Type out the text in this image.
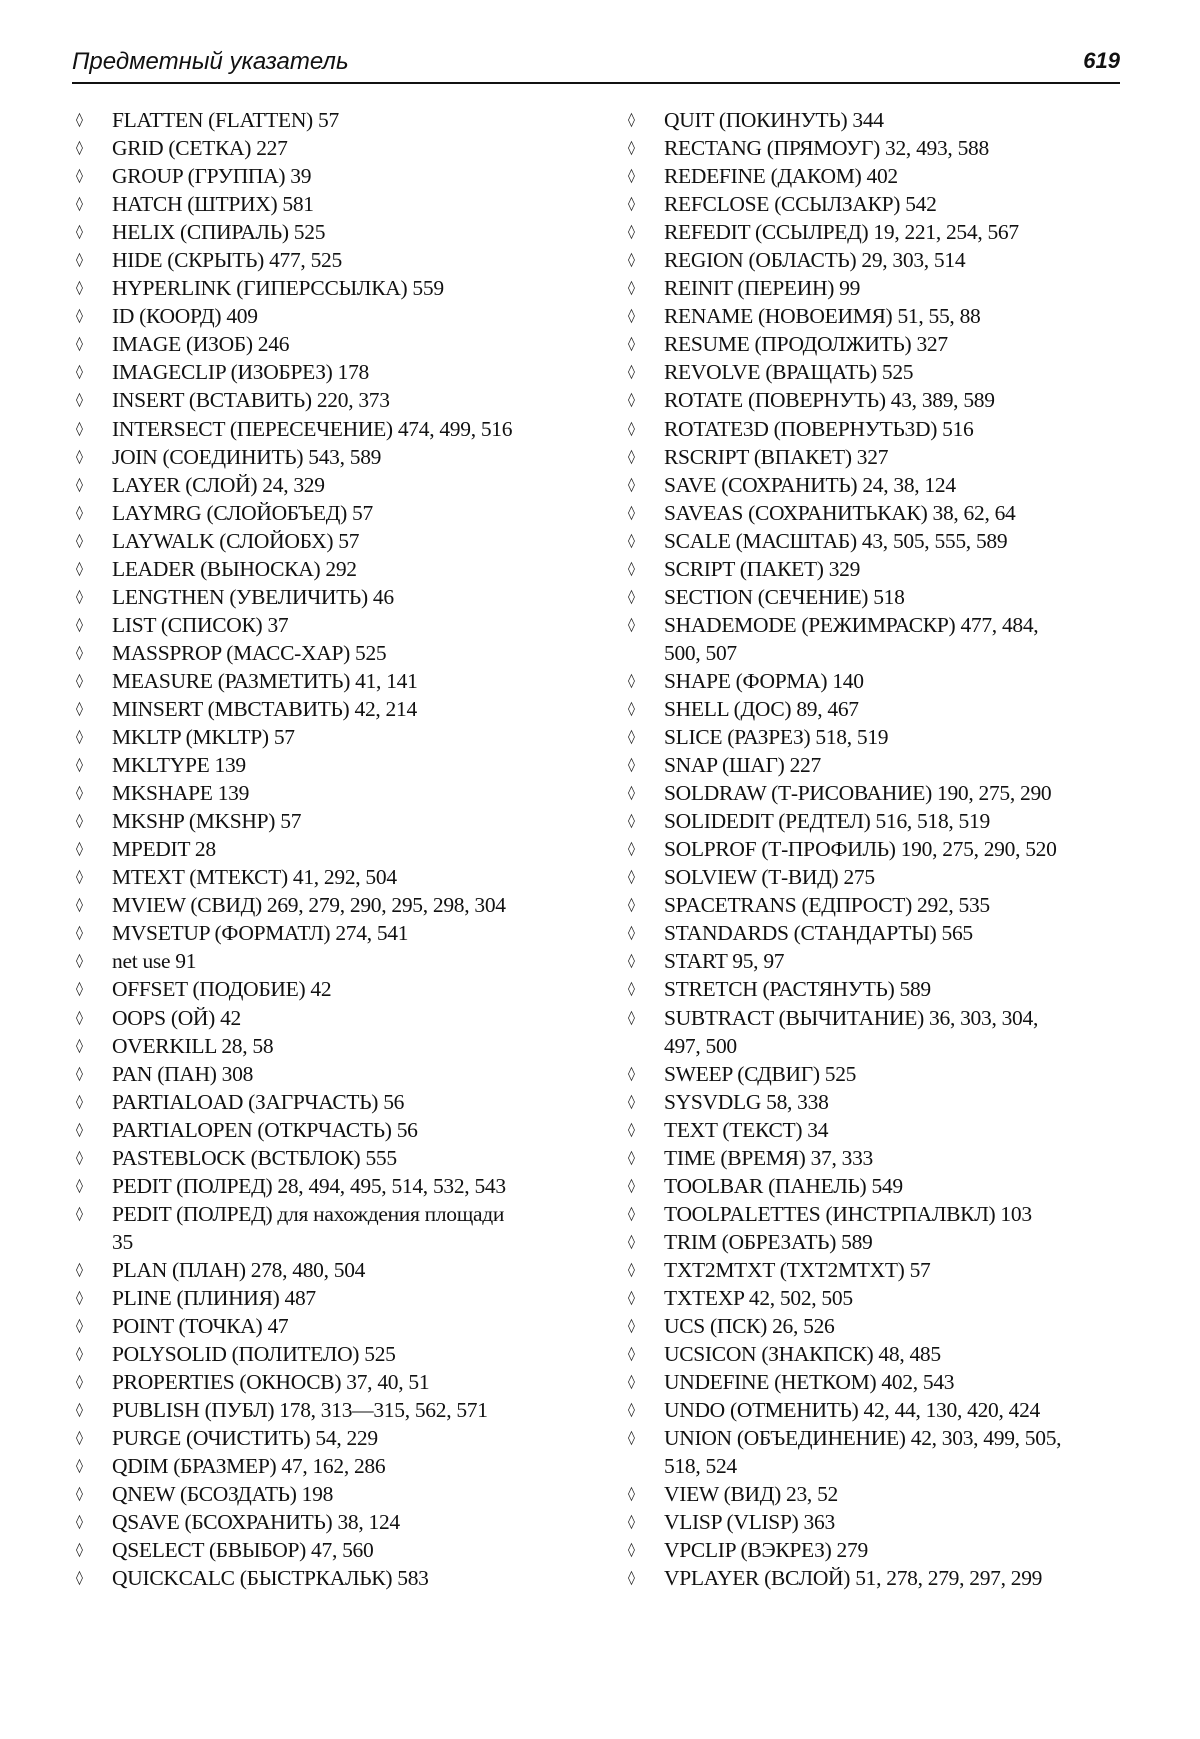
Предметный указатель	619
◊	FLATTEN (FLATTEN) 57
◊	GRID (СЕТКА) 227
◊	GROUP (ГРУППА) 39
◊	HATCH (ШТРИХ) 581
◊	HELIX (СПИРАЛЬ) 525
◊	HIDE (СКРЫТЬ) 477, 525
◊	HYPERLINK (ГИПЕРССЫЛКА) 559
◊	ID (КООРД) 409
◊	IMAGE (ИЗОБ) 246
◊	IMAGECLIP (ИЗОБРЕЗ) 178
◊	INSERT (ВСТАВИТЬ) 220, 373
◊	INTERSECT (ПЕРЕСЕЧЕНИЕ) 474, 499, 516
◊	JOIN (СОЕДИНИТЬ) 543, 589
◊	LAYER (СЛОЙ) 24, 329
◊	LAYMRG (СЛОЙОБЪЕД) 57
◊	LAYWALK (СЛОЙОБХ) 57
◊	LEADER (ВЫНОСКА) 292
◊	LENGTHEN (УВЕЛИЧИТЬ) 46
◊	LIST (СПИСОК) 37
◊	MASSPROP (МАСС-ХАР) 525
◊	MEASURE (РАЗМЕТИТЬ) 41, 141
◊	MINSERT (МВСТАВИТЬ) 42, 214
◊	MKLTP (MKLTP) 57
◊	MKLTYPE 139
◊	MKSHAPE 139
◊	MKSHP (MKSHP) 57
◊	MPEDIT 28
◊	MTEXT (МТЕКСТ) 41, 292, 504
◊	MVIEW (СВИД) 269, 279, 290, 295, 298, 304
◊	MVSETUP (ФОРМАТЛ) 274, 541
◊	net use 91
◊	OFFSET (ПОДОБИЕ) 42
◊	OOPS (ОЙ) 42
◊	OVERKILL 28, 58
◊	PAN (ПАН) 308
◊	PARTIALOAD (ЗАГРЧАСТЬ) 56
◊	PARTIALOPEN (ОТКРЧАСТЬ) 56
◊	PASTEBLOCK (ВСТБЛОК) 555
◊	PEDIT (ПОЛРЕД) 28, 494, 495, 514, 532, 543
◊	PEDIT (ПОЛРЕД) для нахождения площади
35
◊	PLAN (ПЛАН) 278, 480, 504
◊	PLINE (ПЛИНИЯ) 487
◊	POINT (ТОЧКА) 47
◊	POLYSOLID (ПОЛИТЕЛО) 525
◊	PROPERTIES (ОКНОСВ) 37, 40, 51
◊	PUBLISH (ПУБЛ) 178, 313—315, 562, 571
◊	PURGE (ОЧИСТИТЬ) 54, 229
◊	QDIM (БРАЗМЕР) 47, 162, 286
◊	QNEW (БСОЗДАТЬ) 198
◊	QSAVE (БСОХРАНИТЬ) 38, 124
◊	QSELECT (БВЫБОР) 47, 560
◊	QUICKCALC (БЫСТРКАЛЬК) 583
◊	QUIT (ПОКИНУТЬ) 344
◊	RECTANG (ПРЯМОУГ) 32, 493, 588
◊	REDEFINE (ДАКОМ) 402
◊	REFCLOSE (ССЫЛЗАКР) 542
◊	REFEDIT (ССЫЛРЕД) 19, 221, 254, 567
◊	REGION (ОБЛАСТЬ) 29, 303, 514
◊	REINIT (ПЕРЕИН) 99
◊	RENAME (НОВОЕИМЯ) 51, 55, 88
◊	RESUME (ПРОДОЛЖИТЬ) 327
◊	REVOLVE (ВРАЩАТЬ) 525
◊	ROTATE (ПОВЕРНУТЬ) 43, 389, 589
◊	ROTATE3D (ПОВЕРНУТЬ3D) 516
◊	RSCRIPT (ВПАКЕТ) 327
◊	SAVE (СОХРАНИТЬ) 24, 38, 124
◊	SAVEAS (СОХРАНИТЬКАК) 38, 62, 64
◊	SCALE (МАСШТАБ) 43, 505, 555, 589
◊	SCRIPT (ПАКЕТ) 329
◊	SECTION (СЕЧЕНИЕ) 518
◊	SHADEMODE (РЕЖИМРАСКР) 477, 484,
500, 507
◊	SHAPE (ФОРМА) 140
◊	SHELL (ДОС) 89, 467
◊	SLICE (РАЗРЕЗ) 518, 519
◊	SNAP (ШАГ) 227
◊	SOLDRAW (Т-РИСОВАНИЕ) 190, 275, 290
◊	SOLIDEDIT (РЕДТЕЛ) 516, 518, 519
◊	SOLPROF (Т-ПРОФИЛЬ) 190, 275, 290, 520
◊	SOLVIEW (Т-ВИД) 275
◊	SPACETRANS (ЕДПРОСТ) 292, 535
◊	STANDARDS (СТАНДАРТЫ) 565
◊	START 95, 97
◊	STRETCH (РАСТЯНУТЬ) 589
◊	SUBTRACT (ВЫЧИТАНИЕ) 36, 303, 304,
497, 500
◊	SWEEP (СДВИГ) 525
◊	SYSVDLG 58, 338
◊	TEXT (ТЕКСТ) 34
◊	TIME (ВРЕМЯ) 37, 333
◊	TOOLBAR (ПАНЕЛЬ) 549
◊	TOOLPALETTES (ИНСТРПАЛВКЛ) 103
◊	TRIM (ОБРЕЗАТЬ) 589
◊	TXT2MTXT (TXT2MTXT) 57
◊	TXTEXP 42, 502, 505
◊	UCS (ПСК) 26, 526
◊	UCSICON (ЗНАКПСК) 48, 485
◊	UNDEFINE (НЕТКОМ) 402, 543
◊	UNDO (ОТМЕНИТЬ) 42, 44, 130, 420, 424
◊	UNION (ОБЪЕДИНЕНИЕ) 42, 303, 499, 505,
518, 524
◊	VIEW (ВИД) 23, 52
◊	VLISP (VLISP) 363
◊	VPCLIP (ВЭКРЕЗ) 279
◊	VPLAYER (ВСЛОЙ) 51, 278, 279, 297, 299
